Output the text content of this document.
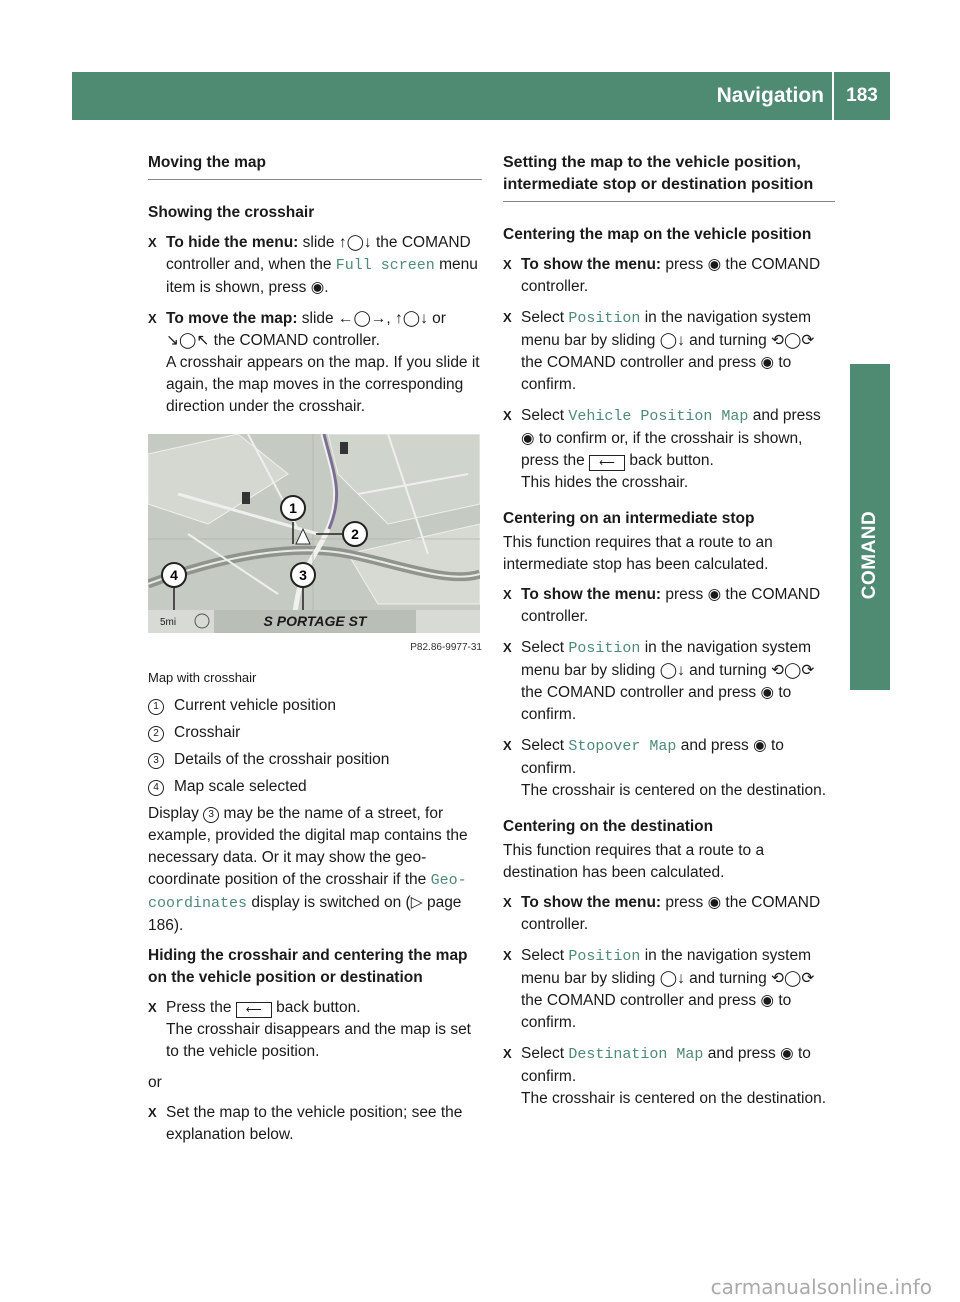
Navigation	183
COMAND
Moving the map
Showing the crosshair
X To hide the menu: slide ↑◯↓ the COMAND controller and, when the Full screen menu item is shown, press ◉.
X To move the map: slide ←◯→, ↑◯↓ or ↘◯↖ the COMAND controller.
A crosshair appears on the map. If you slide it again, the map moves in the corresponding direction under the crosshair.
1
2
3
4
5mi	S PORTAGE ST
P82.86-9977-31
Map with crosshair
1 Current vehicle position
2 Crosshair
3 Details of the crosshair position
4 Map scale selected
Display 3 may be the name of a street, for example, provided the digital map contains the necessary data. Or it may show the geo-coordinate position of the crosshair if the Geo-coordinates display is switched on (▷ page 186).
Hiding the crosshair and centering the map on the vehicle position or destination
X Press the ⟵ back button.
The crosshair disappears and the map is set to the vehicle position.
or
X Set the map to the vehicle position; see the explanation below.
Setting the map to the vehicle position, intermediate stop or destination position
Centering the map on the vehicle position
X To show the menu: press ◉ the COMAND controller.
X Select Position in the navigation system menu bar by sliding ◯↓ and turning ⟲◯⟳ the COMAND controller and press ◉ to confirm.
X Select Vehicle Position Map and press ◉ to confirm or, if the crosshair is shown, press the ⟵ back button.
This hides the crosshair.
Centering on an intermediate stop
This function requires that a route to an intermediate stop has been calculated.
X To show the menu: press ◉ the COMAND controller.
X Select Position in the navigation system menu bar by sliding ◯↓ and turning ⟲◯⟳ the COMAND controller and press ◉ to confirm.
X Select Stopover Map and press ◉ to confirm.
The crosshair is centered on the destination.
Centering on the destination
This function requires that a route to a destination has been calculated.
X To show the menu: press ◉ the COMAND controller.
X Select Position in the navigation system menu bar by sliding ◯↓ and turning ⟲◯⟳ the COMAND controller and press ◉ to confirm.
X Select Destination Map and press ◉ to confirm.
The crosshair is centered on the destination.
carmanualsonline.info
